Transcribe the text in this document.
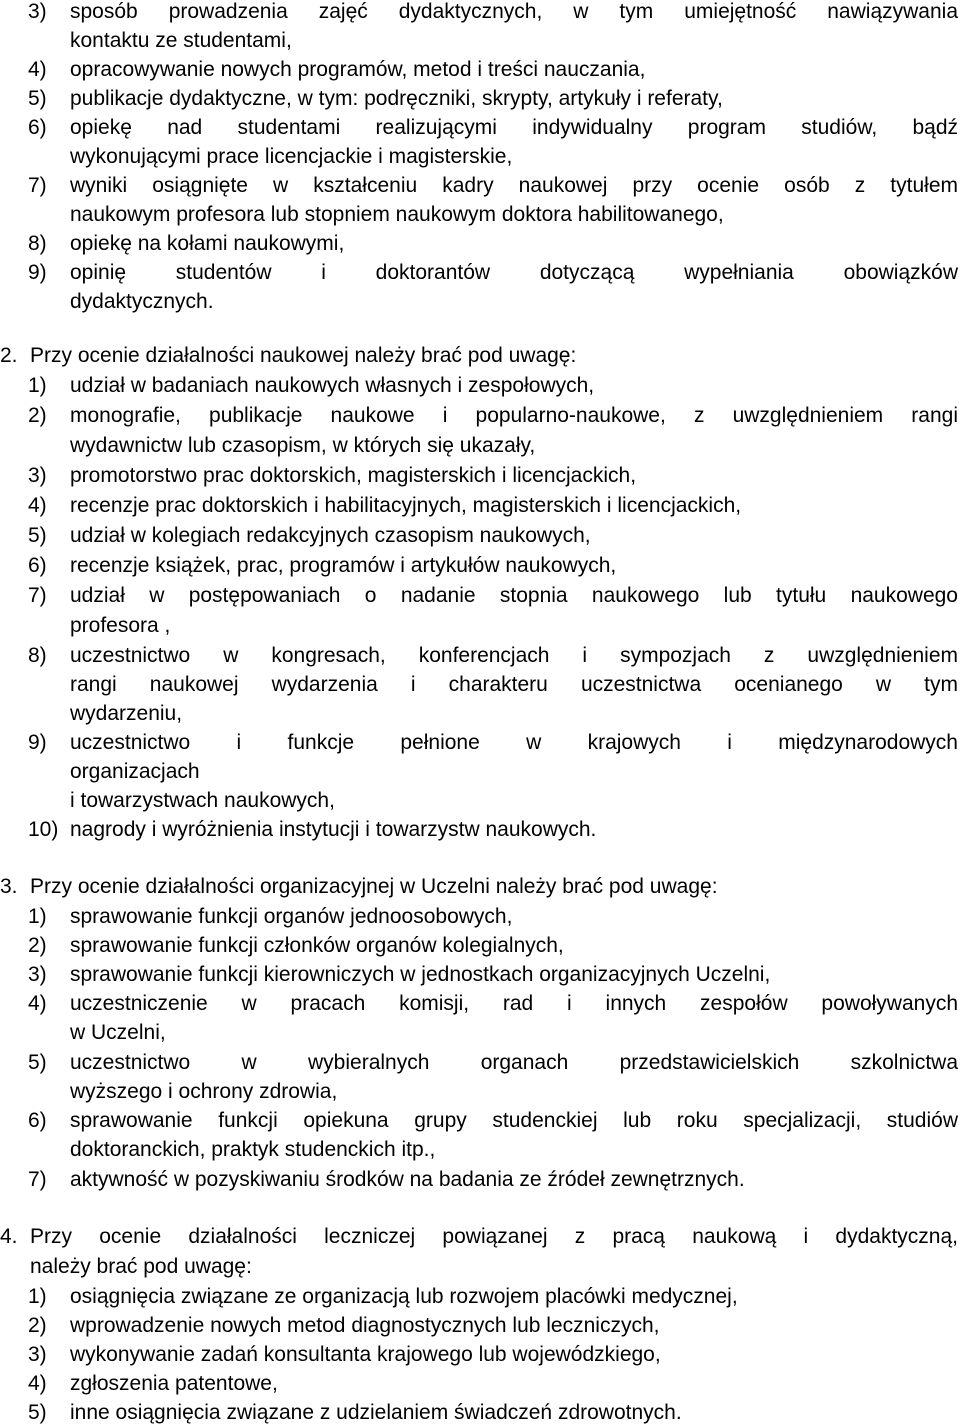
3)	sposób prowadzenia zajęć dydaktycznych, w tym umiejętność nawiązywania
kontaktu ze studentami,
4)	opracowywanie nowych programów, metod i treści nauczania,
5)	publikacje dydaktyczne, w tym: podręczniki, skrypty, artykuły i referaty,
6)	opiekę nad studentami realizującymi indywidualny program studiów, bądź
wykonującymi prace licencjackie i magisterskie,
7)	wyniki osiągnięte w kształceniu kadry naukowej przy ocenie osób z tytułem
naukowym profesora lub stopniem naukowym doktora habilitowanego,
8)	opiekę na kołami naukowymi,
9)	opinię studentów i doktorantów dotyczącą wypełniania obowiązków
dydaktycznych.
2. Przy ocenie działalności naukowej należy brać pod uwagę:
1)	udział w badaniach naukowych własnych i zespołowych,
2)	monografie, publikacje naukowe i popularno-naukowe, z uwzględnieniem rangi
wydawnictw lub czasopism, w których się ukazały,
3)	promotorstwo prac doktorskich, magisterskich i licencjackich,
4)	recenzje prac doktorskich i habilitacyjnych, magisterskich i licencjackich,
5)	udział w kolegiach redakcyjnych czasopism naukowych,
6)	recenzje książek, prac, programów i artykułów naukowych,
7)	udział w postępowaniach o nadanie stopnia naukowego lub tytułu naukowego
profesora ,
8)	uczestnictwo w kongresach, konferencjach i sympozjach z uwzględnieniem
rangi naukowej wydarzenia i charakteru uczestnictwa ocenianego w tym
wydarzeniu,
9)	uczestnictwo i funkcje pełnione w krajowych i międzynarodowych
organizacjach
i towarzystwach naukowych,
10) nagrody i wyróżnienia instytucji i towarzystw naukowych.
3. Przy ocenie działalności organizacyjnej w Uczelni należy brać pod uwagę:
1)	sprawowanie funkcji organów jednoosobowych,
2)	sprawowanie funkcji członków organów kolegialnych,
3)	sprawowanie funkcji kierowniczych w jednostkach organizacyjnych Uczelni,
4)	uczestniczenie w pracach komisji, rad i innych zespołów powoływanych
w Uczelni,
5)	uczestnictwo w wybieralnych organach przedstawicielskich szkolnictwa
wyższego i ochrony zdrowia,
6)	sprawowanie funkcji opiekuna grupy studenckiej lub roku specjalizacji, studiów
doktoranckich, praktyk studenckich itp.,
7)	aktywność w pozyskiwaniu środków na badania ze źródeł zewnętrznych.
4. Przy ocenie działalności leczniczej powiązanej z pracą naukową i dydaktyczną,
należy brać pod uwagę:
1)	osiągnięcia związane ze organizacją lub rozwojem placówki medycznej,
2)	wprowadzenie nowych metod diagnostycznych lub leczniczych,
3)	wykonywanie zadań konsultanta krajowego lub wojewódzkiego,
4)	zgłoszenia patentowe,
5)	inne osiągnięcia związane z udzielaniem świadczeń zdrowotnych.
